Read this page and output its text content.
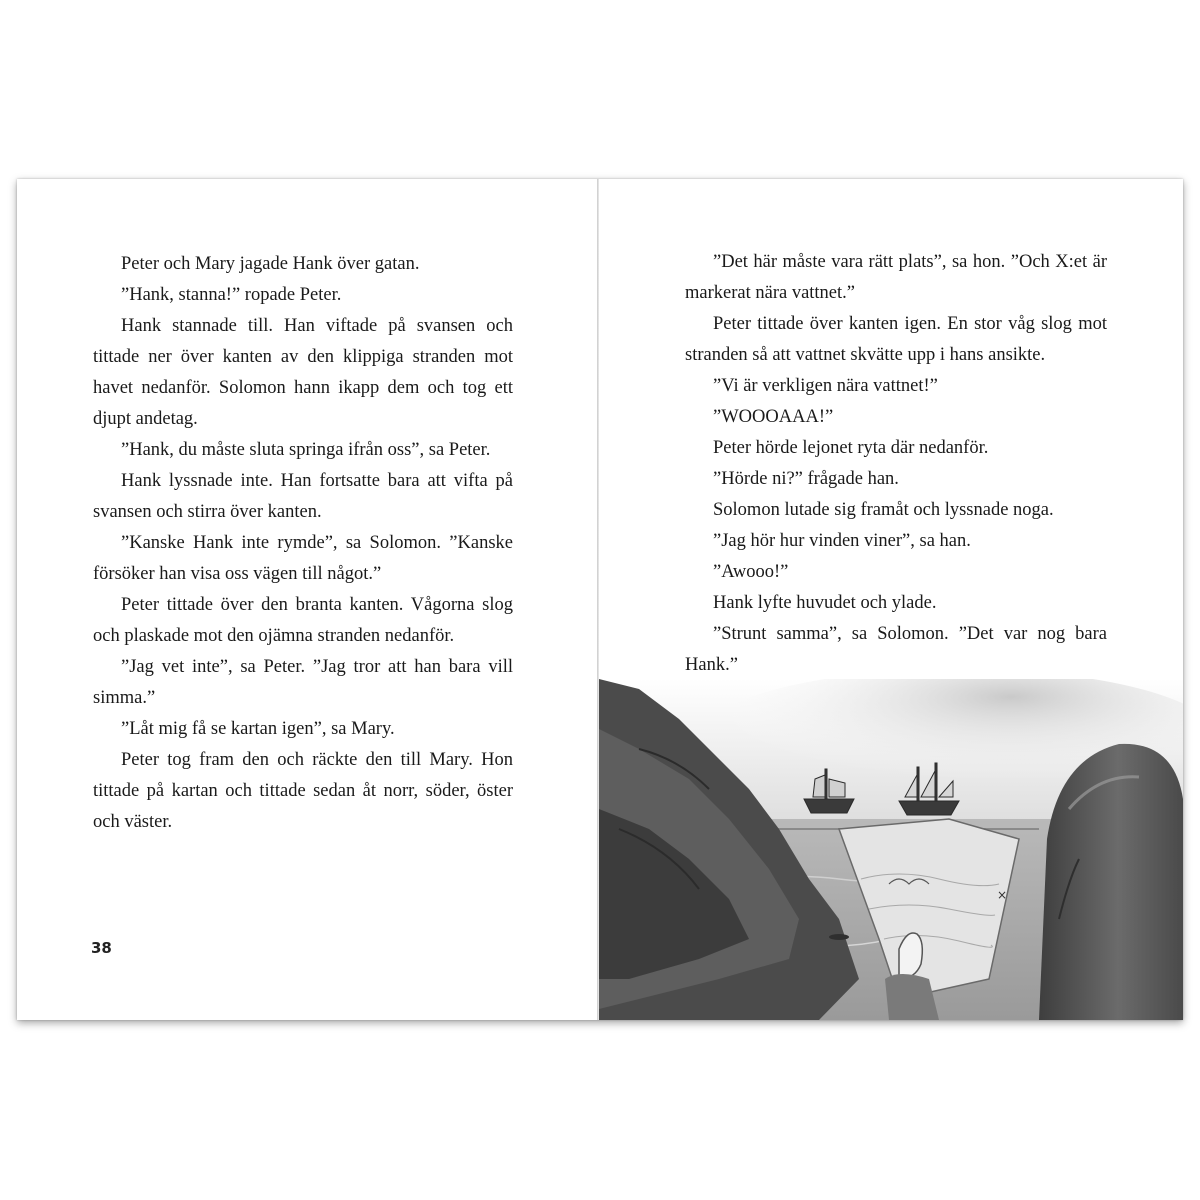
Peter och Mary jagade Hank över gatan.

”Hank, stanna!” ropade Peter.

Hank stannade till. Han viftade på svansen och tittade ner över kanten av den klippiga stranden mot havet nedanför. Solomon hann ikapp dem och tog ett djupt andetag.

”Hank, du måste sluta springa ifrån oss”, sa Peter.

Hank lyssnade inte. Han fortsatte bara att vifta på svansen och stirra över kanten.

”Kanske Hank inte rymde”, sa Solomon. ”Kanske försöker han visa oss vägen till något.”

Peter tittade över den branta kanten. Vågorna slog och plaskade mot den ojämna stranden nedanför.

”Jag vet inte”, sa Peter. ”Jag tror att han bara vill simma.”

”Låt mig få se kartan igen”, sa Mary.

Peter tog fram den och räckte den till Mary. Hon tittade på kartan och tittade sedan åt norr, söder, öster och väster.

38

”Det här måste vara rätt plats”, sa hon. ”Och X:et är markerat nära vattnet.”

Peter tittade över kanten igen. En stor våg slog mot stranden så att vattnet skvätte upp i hans ansikte.

”Vi är verkligen nära vattnet!”

”WOOOAAA!”

Peter hörde lejonet ryta där nedanför.

”Hörde ni?” frågade han.

Solomon lutade sig framåt och lyssnade noga.

”Jag hör hur vinden viner”, sa han.

”Awooo!”

Hank lyfte huvudet och ylade.

”Strunt samma”, sa Solomon. ”Det var nog bara Hank.”

×
